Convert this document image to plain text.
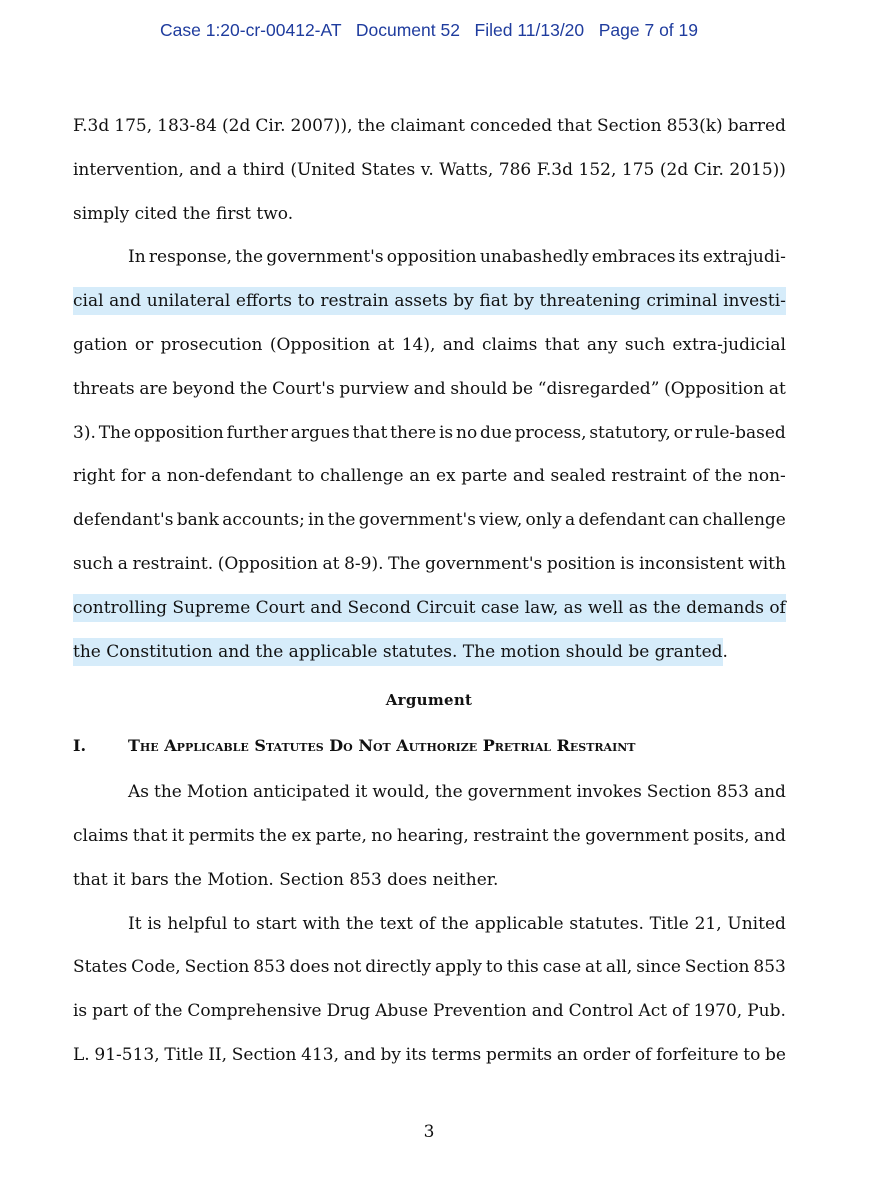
Case 1:20-cr-00412-AT Document 52 Filed 11/13/20 Page 7 of 19
F.3d 175, 183-84 (2d Cir. 2007)), the claimant conceded that Section 853(k) barred
intervention, and a third (United States v. Watts, 786 F.3d 152, 175 (2d Cir. 2015))
simply cited the first two.
In response, the government's opposition unabashedly embraces its extrajudi-
cial and unilateral efforts to restrain assets by fiat by threatening criminal investi-
gation or prosecution (Opposition at 14), and claims that any such extra-judicial
threats are beyond the Court's purview and should be “disregarded” (Opposition at
3). The opposition further argues that there is no due process, statutory, or rule-based
right for a non-defendant to challenge an ex parte and sealed restraint of the non-
defendant's bank accounts; in the government's view, only a defendant can challenge
such a restraint. (Opposition at 8-9). The government's position is inconsistent with
controlling Supreme Court and Second Circuit case law, as well as the demands of
the Constitution and the applicable statutes. The motion should be granted.
Argument
I.	The Applicable Statutes Do Not Authorize Pretrial Restraint
As the Motion anticipated it would, the government invokes Section 853 and
claims that it permits the ex parte, no hearing, restraint the government posits, and
that it bars the Motion. Section 853 does neither.
It is helpful to start with the text of the applicable statutes. Title 21, United
States Code, Section 853 does not directly apply to this case at all, since Section 853
is part of the Comprehensive Drug Abuse Prevention and Control Act of 1970, Pub.
L. 91-513, Title II, Section 413, and by its terms permits an order of forfeiture to be
3
